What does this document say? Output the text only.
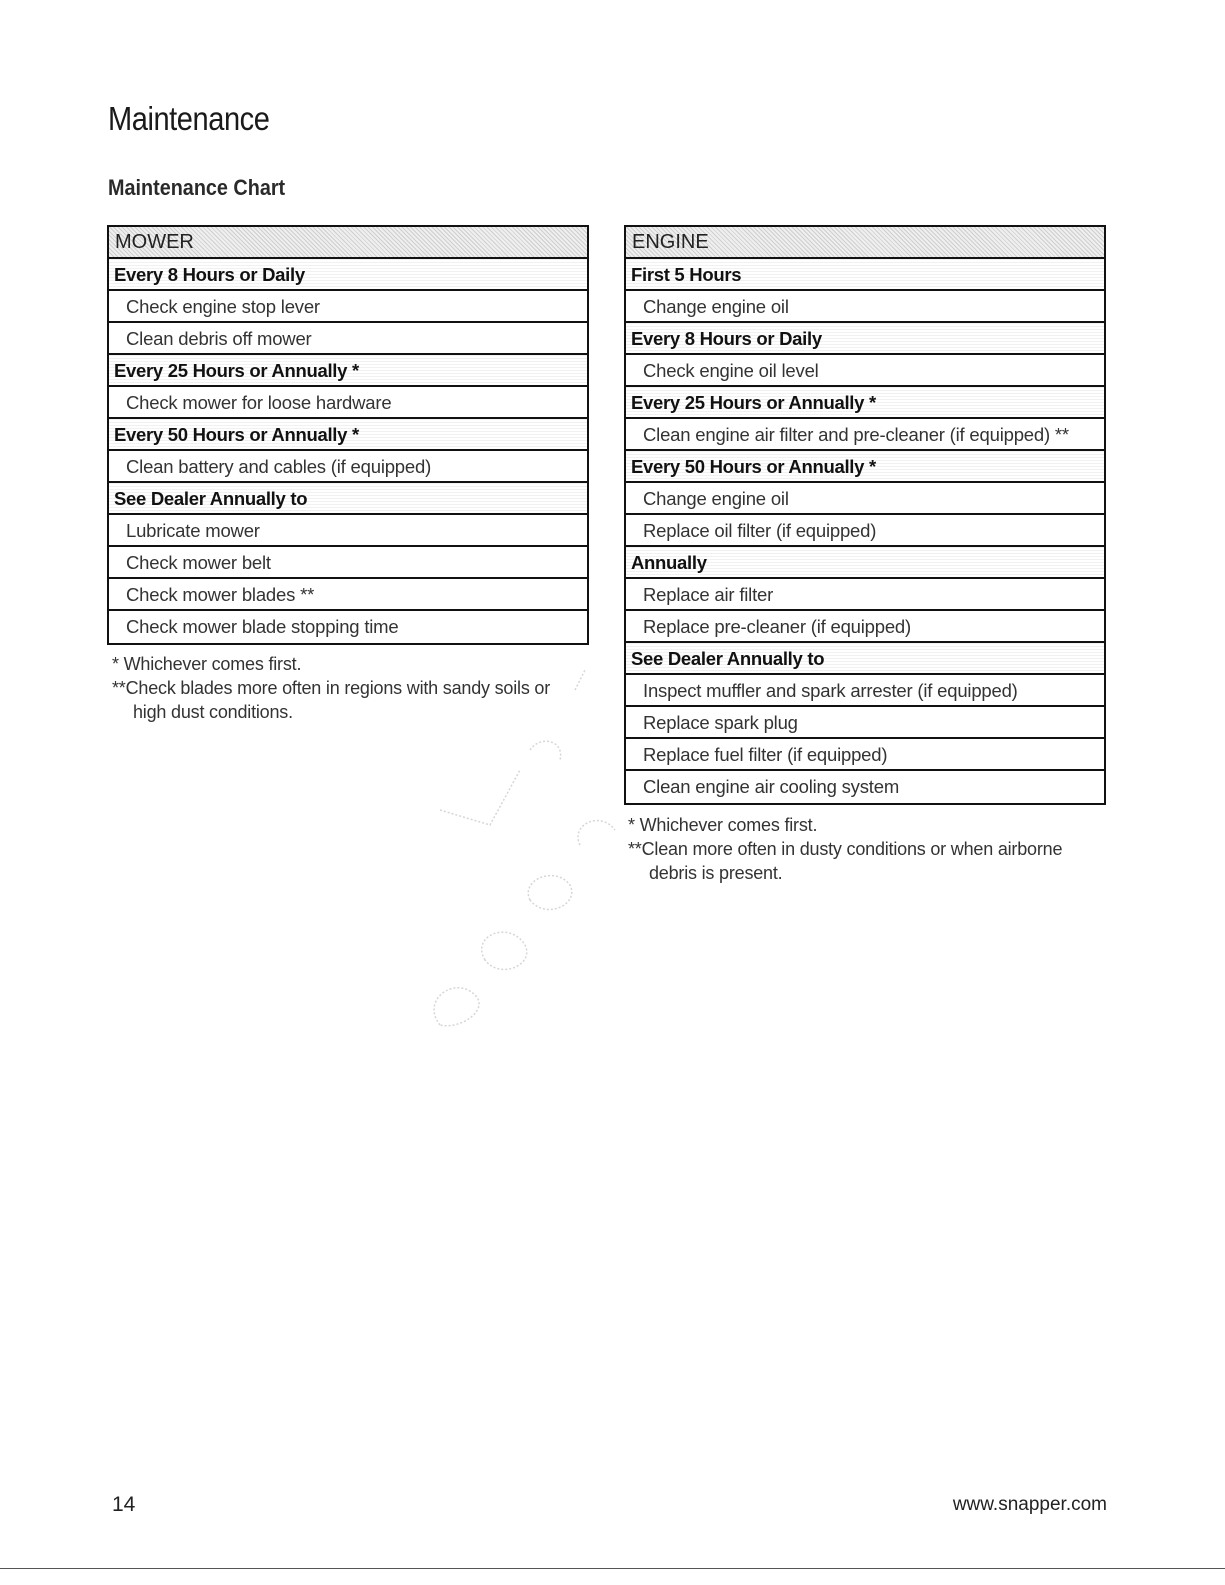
Maintenance
Maintenance Chart
MOWER
Every 8 Hours or Daily
Check engine stop lever
Clean debris off mower
Every 25 Hours or Annually *
Check mower for loose hardware
Every 50 Hours or Annually *
Clean battery and cables (if equipped)
See Dealer Annually to
Lubricate mower
Check mower belt
Check mower blades **
Check mower blade stopping time
* Whichever comes first.
**Check blades more often in regions with sandy soils or
high dust conditions.
ENGINE
First 5 Hours
Change engine oil
Every 8 Hours or Daily
Check engine oil level
Every 25 Hours or Annually *
Clean engine air filter and pre-cleaner (if equipped) **
Every 50 Hours or Annually *
Change engine oil
Replace oil filter (if equipped)
Annually
Replace air filter
Replace pre-cleaner (if equipped)
See Dealer Annually to
Inspect muffler and spark arrester (if equipped)
Replace spark plug
Replace fuel filter (if equipped)
Clean engine air cooling system
* Whichever comes first.
**Clean more often in dusty conditions or when airborne
debris is present.
14	www.snapper.com
